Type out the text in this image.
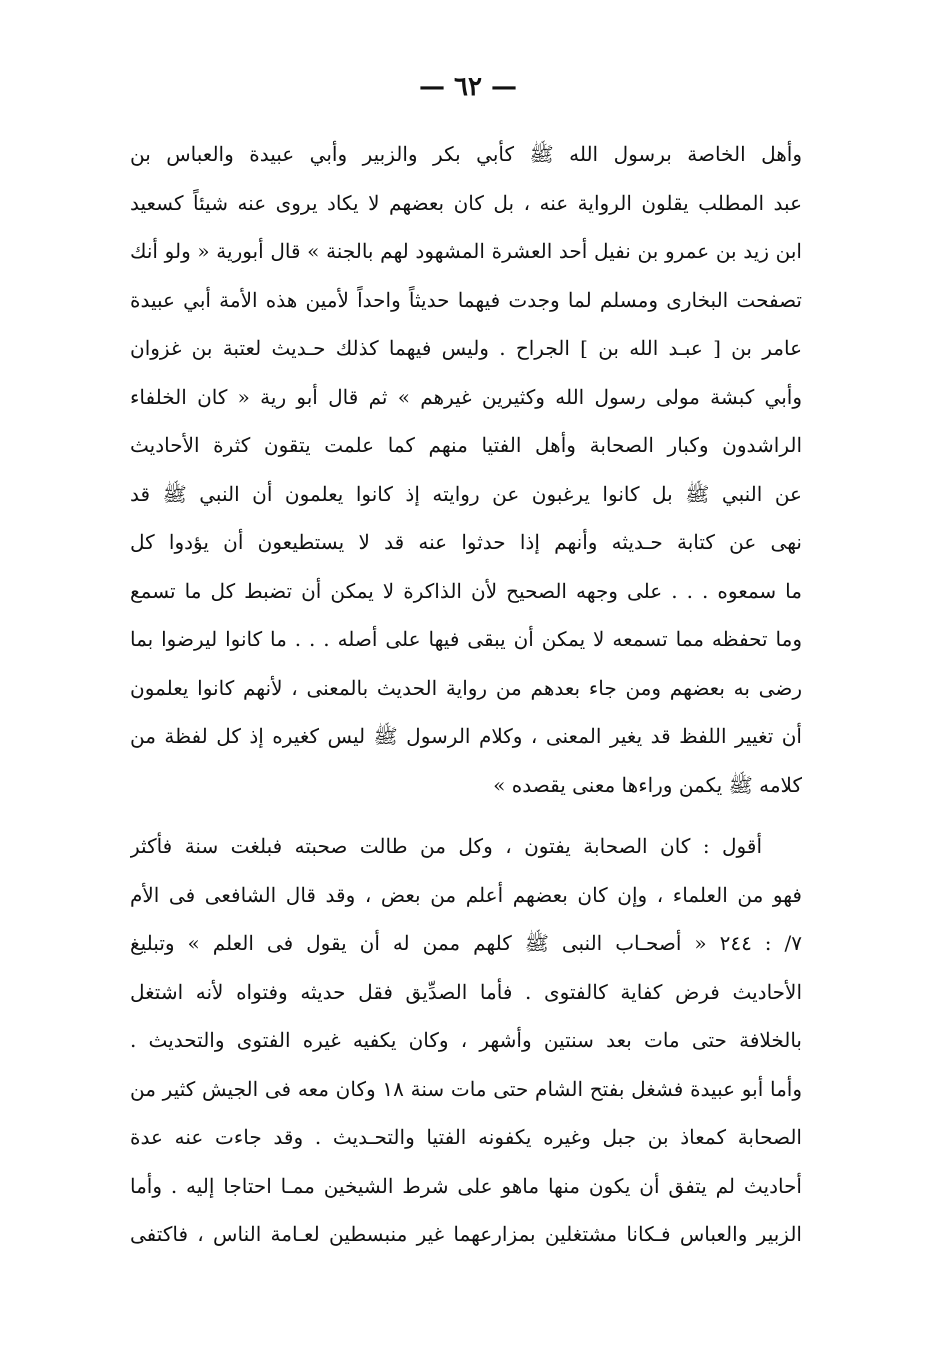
— ٦٢ —
وأهل الخاصة برسول الله ﷺ كأبي بكر والزبير وأبي عبيدة والعباس بن
عبد المطلب يقلون الرواية عنه ، بل كان بعضهم لا يكاد يروى عنه شيئاً كسعيد
ابن زيد بن عمرو بن نفيل أحد العشرة المشهود لهم بالجنة » قال أبورية « ولو أنك
تصفحت البخارى ومسلم لما وجدت فيهما حديثاً واحداً لأمين هذه الأمة أبي عبيدة
عامر بن [ عبـد الله بن ] الجراح . وليس فيهما كذلك حـديث لعتبة بن غزوان
وأبي كبشة مولى رسول الله وكثيرين غيرهم » ثم قال أبو رية « كان الخلفاء
الراشدون وكبار الصحابة وأهل الفتيا منهم كما علمت يتقون كثرة الأحاديث
عن النبي ﷺ بل كانوا يرغبون عن روايته إذ كانوا يعلمون أن النبي ﷺ قد
نهى عن كتابة حـديثه وأنهم إذا حدثوا عنه قد لا يستطيعون أن يؤدوا كل
ما سمعوه . . . على وجهه الصحيح لأن الذاكرة لا يمكن أن تضبط كل ما تسمع
وما تحفظه مما تسمعه لا يمكن أن يبقى فيها على أصله . . . ما كانوا ليرضوا بما
رضى به بعضهم ومن جاء بعدهم من رواية الحديث بالمعنى ، لأنهم كانوا يعلمون
أن تغيير اللفظ قد يغير المعنى ، وكلام الرسول ﷺ ليس كغيره إذ كل لفظة من
كلامه ﷺ يكمن وراءها معنى يقصده »
أقول : كان الصحابة يفتون ، وكل من طالت صحبته فبلغت سنة فأكثر
فهو من العلماء ، وإن كان بعضهم أعلم من بعض ، وقد قال الشافعى فى الأم
٧/ : ٢٤٤ « أصحـاب النبى ﷺ كلهم ممن له أن يقول فى العلم » وتبليغ
الأحاديث فرض كفاية كالفتوى . فأما الصدِّيق فقل حديثه وفتواه لأنه اشتغل
بالخلافة حتى مات بعد سنتين وأشهر ، وكان يكفيه غيره الفتوى والتحديث .
وأما أبو عبيدة فشغل بفتح الشام حتى مات سنة ١٨ وكان معه فى الجيش كثير من
الصحابة كمعاذ بن جبل وغيره يكفونه الفتيا والتحـديث . وقد جاءت عنه عدة
أحاديث لم يتفق أن يكون منها ماهو على شرط الشيخين ممـا احتاجا إليه . وأما
الزبير والعباس فـكانا مشتغلين بمزارعهما غير منبسطين لعـامة الناس ، فاكتفى
